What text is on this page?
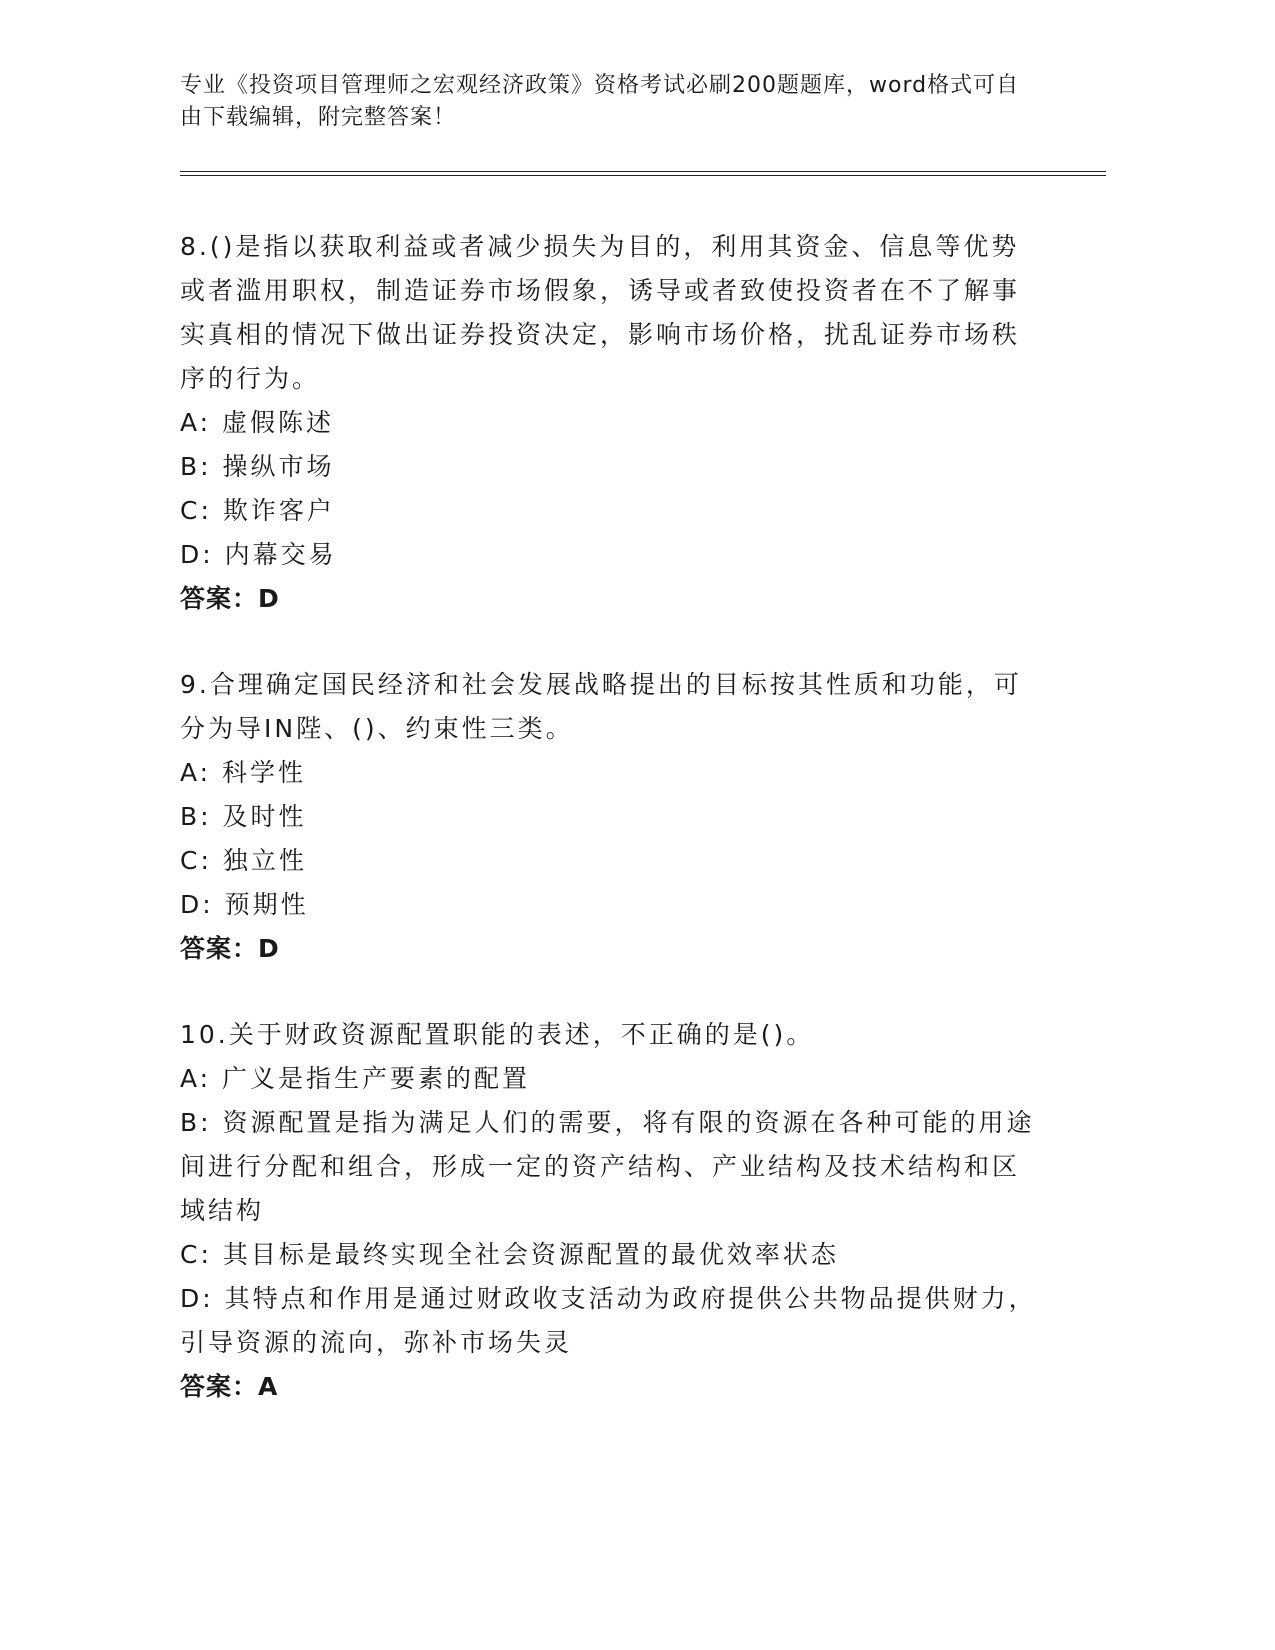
专业《投资项目管理师之宏观经济政策》资格考试必刷200题题库，word格式可自由下载编辑，附完整答案！

8.()是指以获取利益或者减少损失为目的，利用其资金、信息等优势或者滥用职权，制造证券市场假象，诱导或者致使投资者在不了解事实真相的情况下做出证券投资决定，影响市场价格，扰乱证券市场秩序的行为。

A: 虚假陈述

B: 操纵市场

C: 欺诈客户

D: 内幕交易

答案：D

9.合理确定国民经济和社会发展战略提出的目标按其性质和功能，可分为导IN陛、()、约束性三类。

A: 科学性

B: 及时性

C: 独立性

D: 预期性

答案：D

10.关于财政资源配置职能的表述，不正确的是()。

A: 广义是指生产要素的配置

B: 资源配置是指为满足人们的需要，将有限的资源在各种可能的用途间进行分配和组合，形成一定的资产结构、产业结构及技术结构和区域结构

C: 其目标是最终实现全社会资源配置的最优效率状态

D: 其特点和作用是通过财政收支活动为政府提供公共物品提供财力，引导资源的流向，弥补市场失灵

答案：A
